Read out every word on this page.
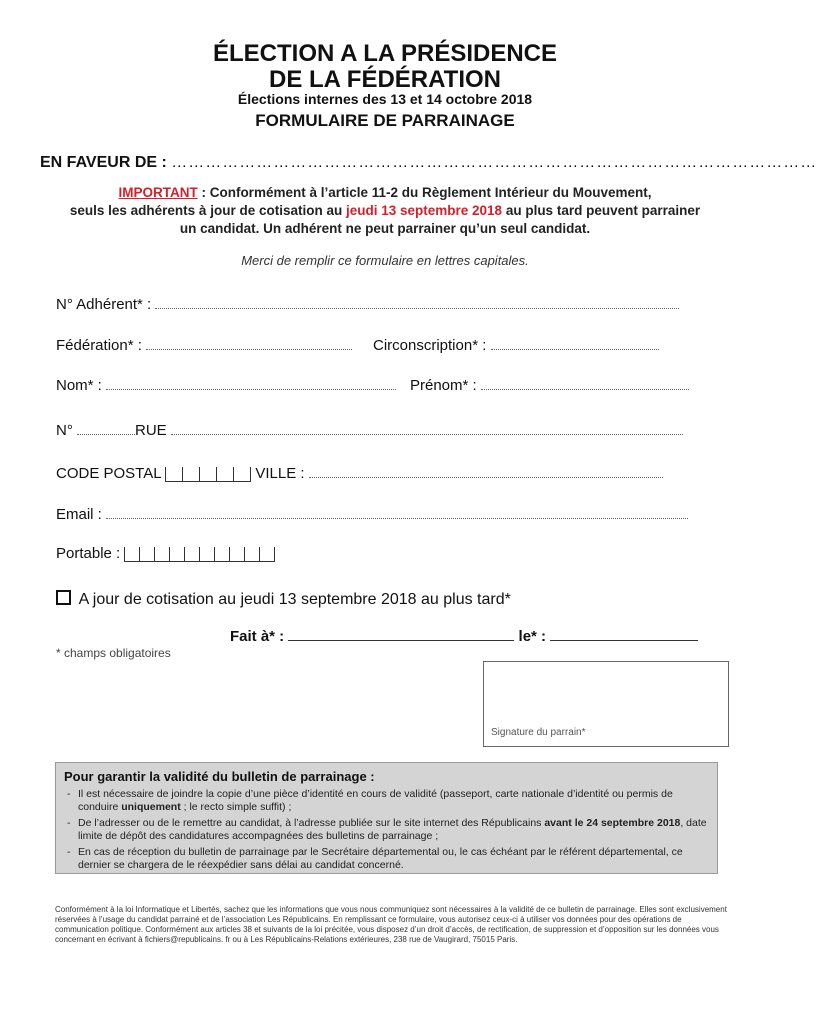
ÉLECTION A LA PRÉSIDENCE
DE LA FÉDÉRATION
Élections internes des 13 et 14 octobre 2018
FORMULAIRE DE PARRAINAGE
EN FAVEUR DE : ……………………………………………………………………………………………………
IMPORTANT : Conformément à l’article 11-2 du Règlement Intérieur du Mouvement,
seuls les adhérents à jour de cotisation au jeudi 13 septembre 2018 au plus tard peuvent parrainer
un candidat. Un adhérent ne peut parrainer qu’un seul candidat.
Merci de remplir ce formulaire en lettres capitales.
N° Adhérent* :
Fédération* :	Circonscription* :
Nom* :	Prénom* :
N°	RUE
CODE POSTAL	VILLE :
Email :
Portable :
A jour de cotisation au jeudi 13 septembre 2018 au plus tard*
Fait à* :	le* :
* champs obligatoires
Signature du parrain*
Pour garantir la validité du bulletin de parrainage :
- Il est nécessaire de joindre la copie d’une pièce d’identité en cours de validité (passeport, carte nationale d’identité ou permis de conduire uniquement ; le recto simple suffit) ;
- De l’adresser ou de le remettre au candidat, à l’adresse publiée sur le site internet des Républicains avant le 24 septembre 2018, date limite de dépôt des candidatures accompagnées des bulletins de parrainage ;
- En cas de réception du bulletin de parrainage par le Secrétaire départemental ou, le cas échéant par le référent départemental, ce dernier se chargera de le réexpédier sans délai au candidat concerné.
Conformément à la loi Informatique et Libertés, sachez que les informations que vous nous communiquez sont nécessaires à la validité de ce bulletin de parrainage. Elles sont exclusivement réservées à l’usage du candidat parrainé et de l’association Les Républicains. En remplissant ce formulaire, vous autorisez ceux-ci à utiliser vos données pour des opérations de communication politique. Conformément aux articles 38 et suivants de la loi précitée, vous disposez d’un droit d’accès, de rectification, de suppression et d’opposition sur les données vous concernant en écrivant à fichiers@republicains. fr ou à Les Républicains-Relations extérieures, 238 rue de Vaugirard, 75015 Paris.
